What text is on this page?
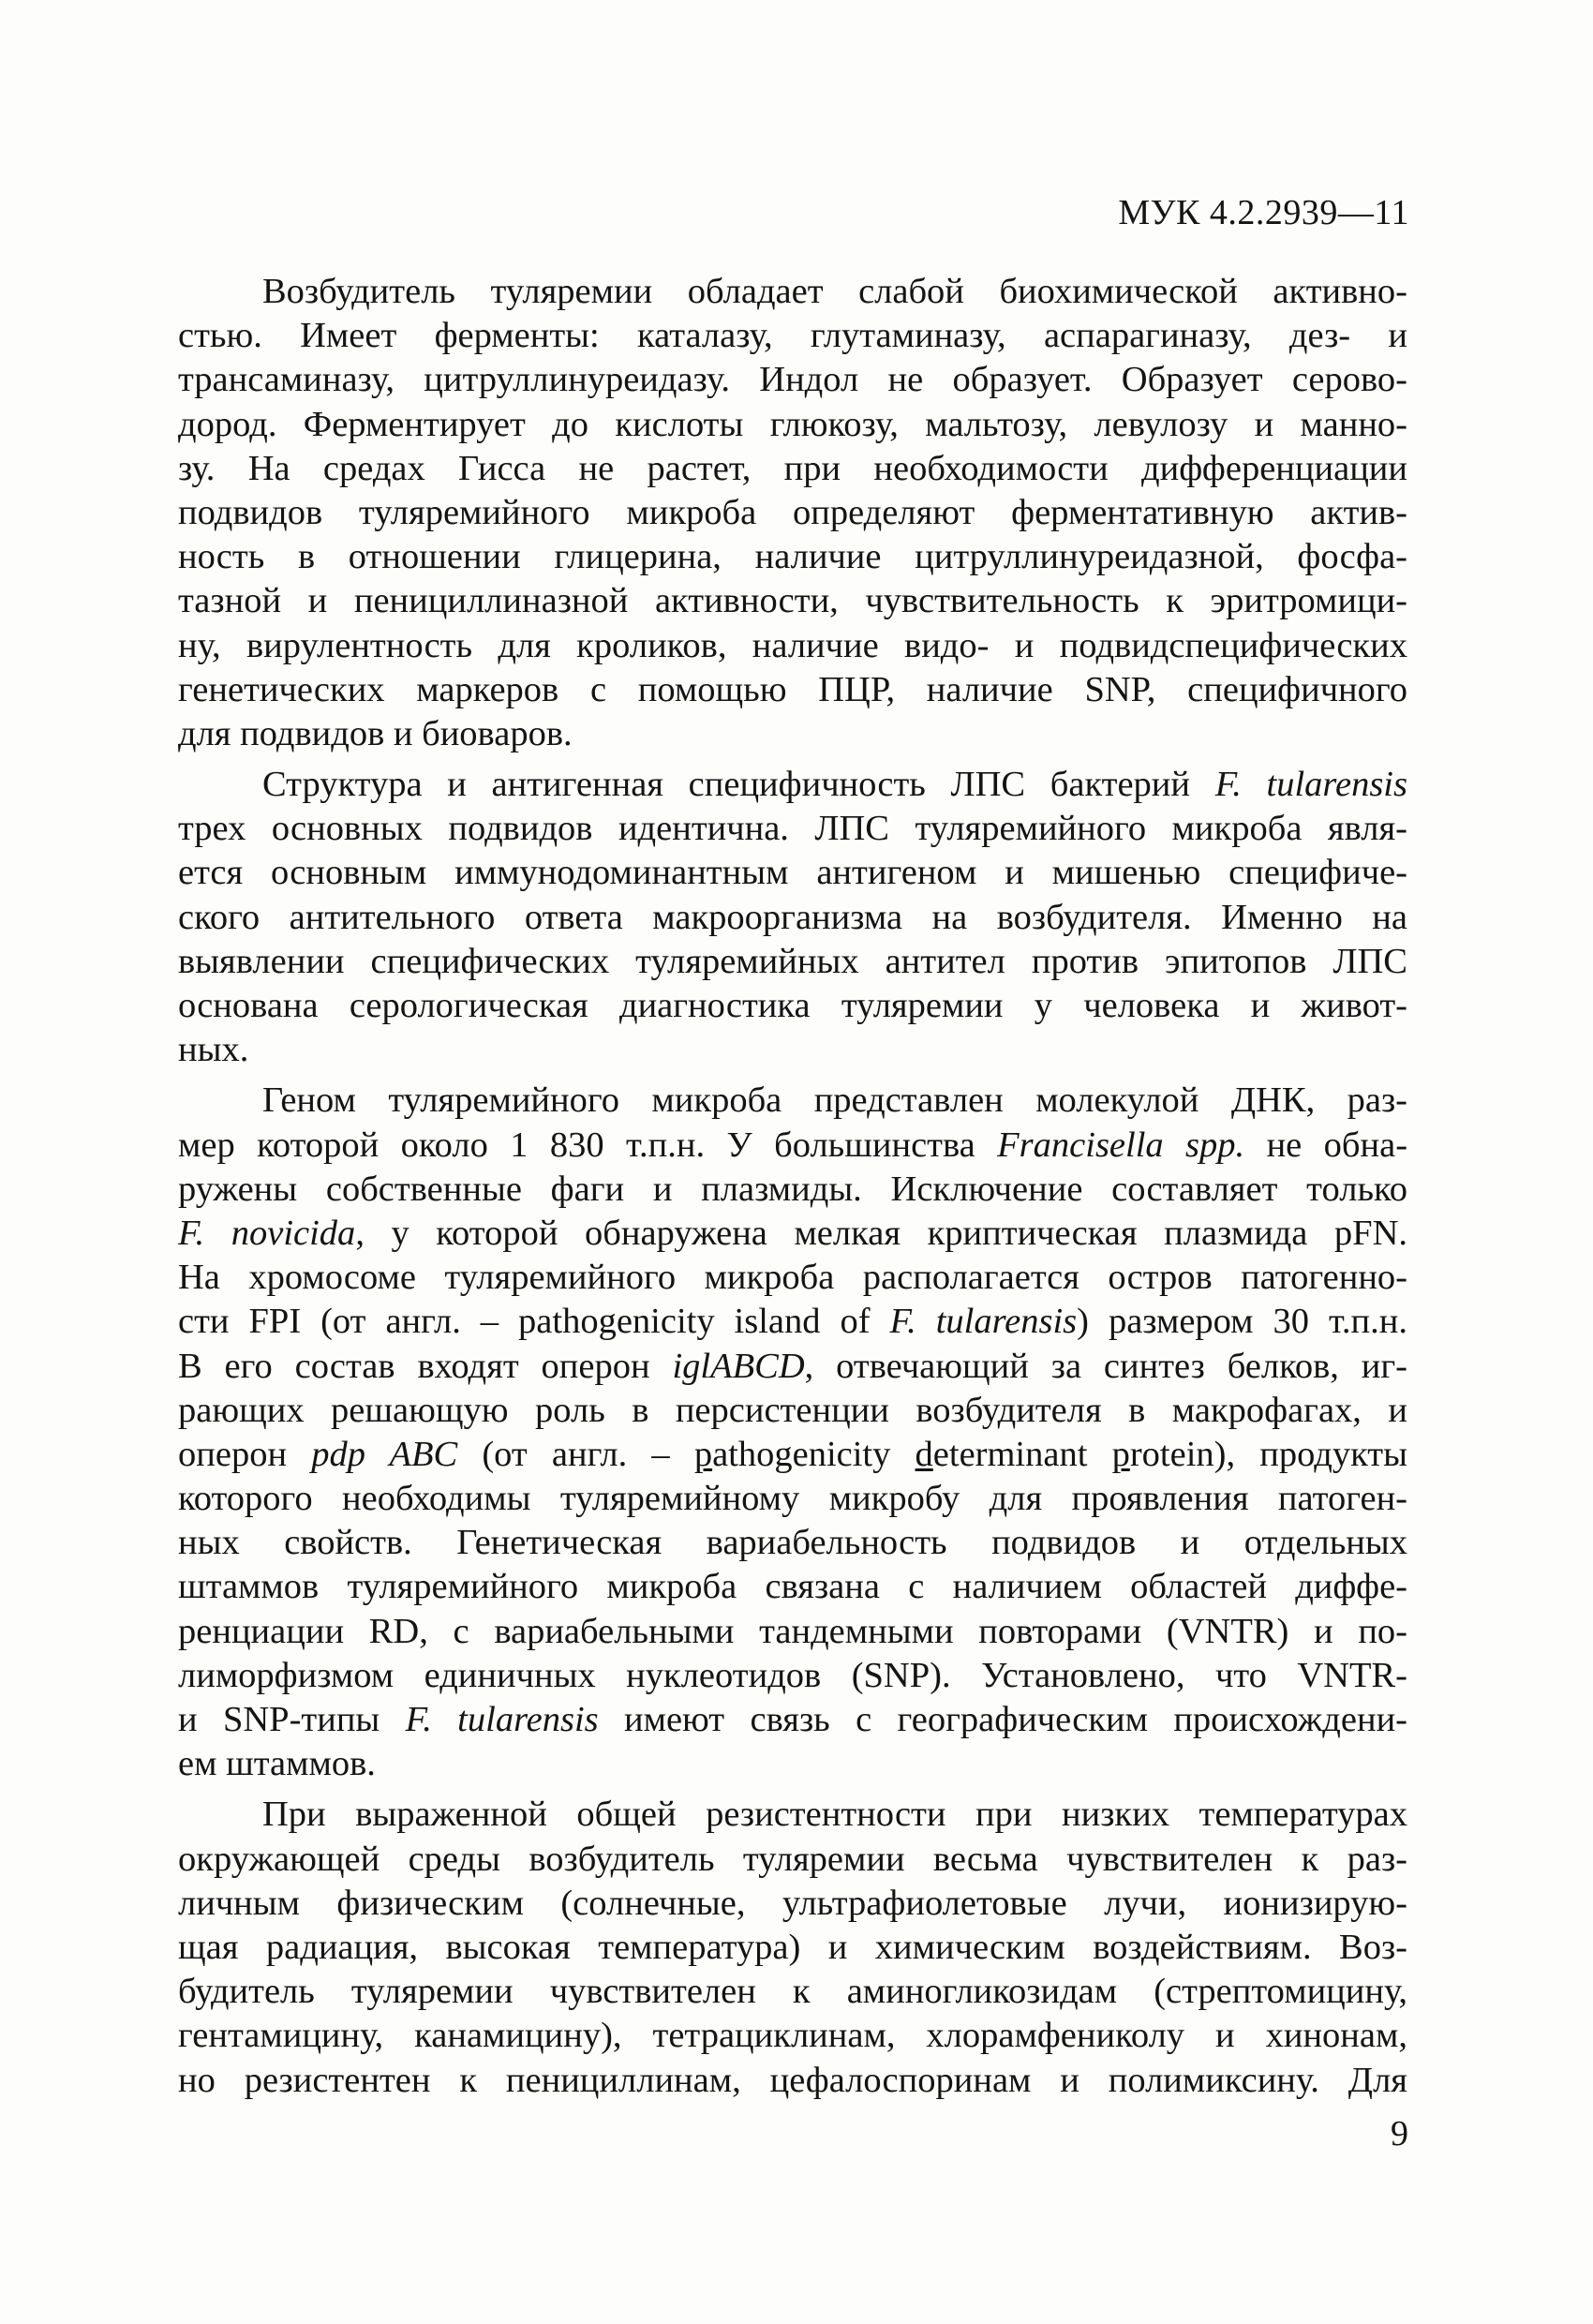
МУК 4.2.2939—11
Возбудитель туляремии обладает слабой биохимической активно-
стью. Имеет ферменты: каталазу, глутаминазу, аспарагиназу, дез- и
трансаминазу, цитруллинуреидазу. Индол не образует. Образует серово-
дород. Ферментирует до кислоты глюкозу, мальтозу, левулозу и манно-
зу. На средах Гисса не растет, при необходимости дифференциации
подвидов туляремийного микроба определяют ферментативную актив-
ность в отношении глицерина, наличие цитруллинуреидазной, фосфа-
тазной и пенициллиназной активности, чувствительность к эритромици-
ну, вирулентность для кроликов, наличие видо- и подвидспецифических
генетических маркеров с помощью ПЦР, наличие SNP, специфичного
для подвидов и биоваров.
Структура и антигенная специфичность ЛПС бактерий F. tularensis
трех основных подвидов идентична. ЛПС туляремийного микроба явля-
ется основным иммунодоминантным антигеном и мишенью специфиче-
ского антительного ответа макроорганизма на возбудителя. Именно на
выявлении специфических туляремийных антител против эпитопов ЛПС
основана серологическая диагностика туляремии у человека и живот-
ных.
Геном туляремийного микроба представлен молекулой ДНК, раз-
мер которой около 1 830 т.п.н. У большинства Francisella spp. не обна-
ружены собственные фаги и плазмиды. Исключение составляет только
F. novicida, у которой обнаружена мелкая криптическая плазмида pFN.
На хромосоме туляремийного микроба располагается остров патогенно-
сти FPI (от англ. – pathogenicity island of F. tularensis) размером 30 т.п.н.
В его состав входят оперон iglABCD, отвечающий за синтез белков, иг-
рающих решающую роль в персистенции возбудителя в макрофагах, и
оперон pdp ABC (от англ. – pathogenicity determinant protein), продукты
которого необходимы туляремийному микробу для проявления патоген-
ных свойств. Генетическая вариабельность подвидов и отдельных
штаммов туляремийного микроба связана с наличием областей диффе-
ренциации RD, с вариабельными тандемными повторами (VNTR) и по-
лиморфизмом единичных нуклеотидов (SNP). Установлено, что VNTR-
и SNP-типы F. tularensis имеют связь с географическим происхождени-
ем штаммов.
При выраженной общей резистентности при низких температурах
окружающей среды возбудитель туляремии весьма чувствителен к раз-
личным физическим (солнечные, ультрафиолетовые лучи, ионизирую-
щая радиация, высокая температура) и химическим воздействиям. Воз-
будитель туляремии чувствителен к аминогликозидам (стрептомицину,
гентамицину, канамицину), тетрациклинам, хлорамфениколу и хинонам,
но резистентен к пенициллинам, цефалоспоринам и полимиксину. Для
9
